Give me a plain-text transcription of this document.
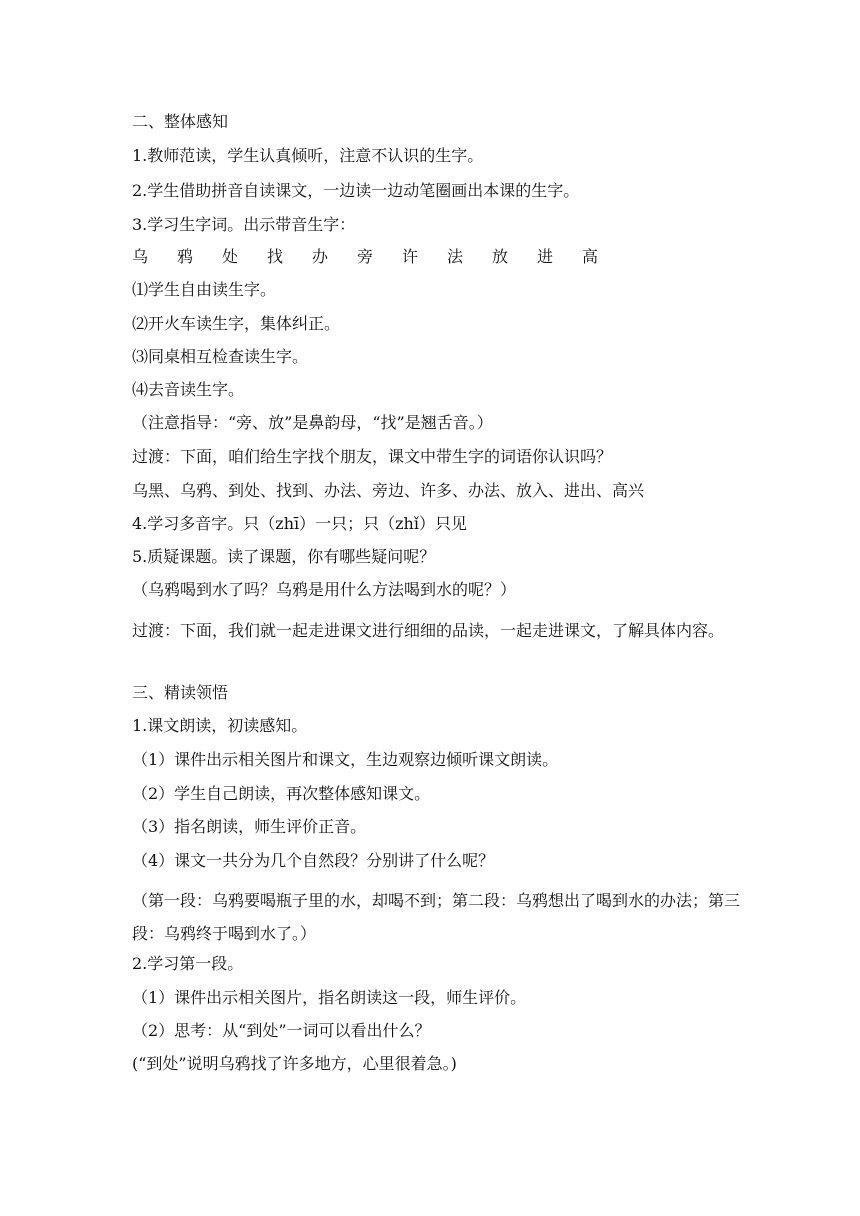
二、整体感知
1.教师范读，学生认真倾听，注意不认识的生字。
2.学生借助拼音自读课文，一边读一边动笔圈画出本课的生字。
3.学习生字词。出示带音生字：
乌	鸦	处	找	办	旁	许	法	放	进	高
⑴学生自由读生字。
⑵开火车读生字，集体纠正。
⑶同桌相互检查读生字。
⑷去音读生字。
（注意指导：“旁、放”是鼻韵母，“找”是翘舌音。）
过渡：下面，咱们给生字找个朋友，课文中带生字的词语你认识吗？
乌黑、乌鸦、到处、找到、办法、旁边、许多、办法、放入、进出、高兴
4.学习多音字。只（zhī）一只；只（zhǐ）只见
5.质疑课题。读了课题，你有哪些疑问呢？
（乌鸦喝到水了吗？乌鸦是用什么方法喝到水的呢？）
过渡：下面，我们就一起走进课文进行细细的品读，一起走进课文，了解具体内容。
三、精读领悟
1.课文朗读，初读感知。
（1）课件出示相关图片和课文，生边观察边倾听课文朗读。
（2）学生自己朗读，再次整体感知课文。
（3）指名朗读，师生评价正音。
（4）课文一共分为几个自然段？分别讲了什么呢？
（第一段：乌鸦要喝瓶子里的水，却喝不到；第二段：乌鸦想出了喝到水的办法；第三段：乌鸦终于喝到水了。）
2.学习第一段。
（1）课件出示相关图片，指名朗读这一段，师生评价。
（2）思考：从“到处”一词可以看出什么？
(“到处”说明乌鸦找了许多地方，心里很着急。)
